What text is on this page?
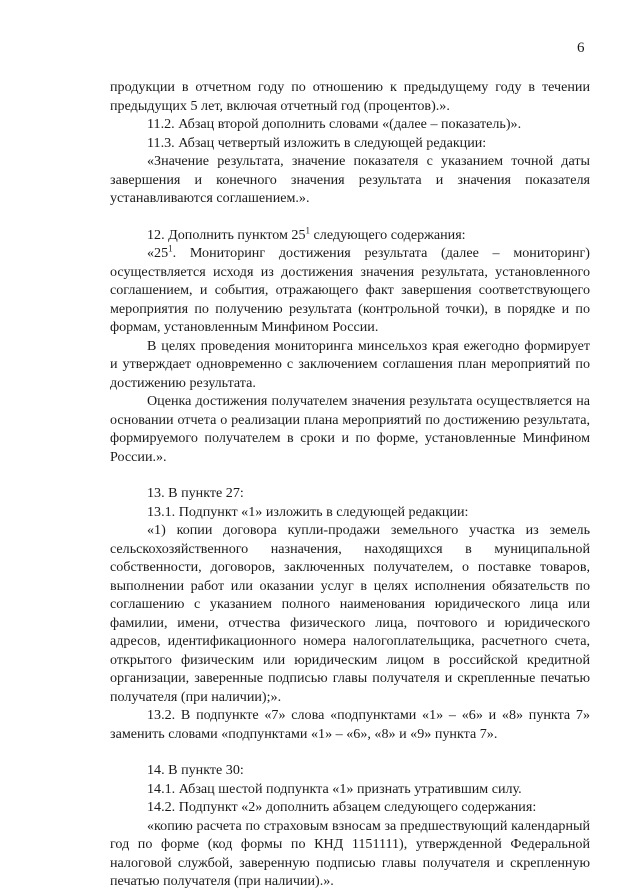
6

продукции в отчетном году по отношению к предыдущему году в течении предыдущих 5 лет, включая отчетный год (процентов).».

11.2. Абзац второй дополнить словами «(далее – показатель)».

11.3. Абзац четвертый изложить в следующей редакции:

«Значение результата, значение показателя с указанием точной даты завершения и конечного значения результата и значения показателя устанавливаются соглашением.».

12. Дополнить пунктом $25^1$ следующего содержания:

«$25^1$. Мониторинг достижения результата (далее – мониторинг) осуществляется исходя из достижения значения результата, установленного соглашением, и события, отражающего факт завершения соответствующего мероприятия по получению результата (контрольной точки), в порядке и по формам, установленным Минфином России.

В целях проведения мониторинга минсельхоз края ежегодно формирует и утверждает одновременно с заключением соглашения план мероприятий по достижению результата.

Оценка достижения получателем значения результата осуществляется на основании отчета о реализации плана мероприятий по достижению результата, формируемого получателем в сроки и по форме, установленные Минфином России.».

13. В пункте 27:

13.1. Подпункт «1» изложить в следующей редакции:

«1) копии договора купли-продажи земельного участка из земель сельскохозяйственного назначения, находящихся в муниципальной собственности, договоров, заключенных получателем, о поставке товаров, выполнении работ или оказании услуг в целях исполнения обязательств по соглашению с указанием полного наименования юридического лица или фамилии, имени, отчества физического лица, почтового и юридического адресов, идентификационного номера налогоплательщика, расчетного счета, открытого физическим или юридическим лицом в российской кредитной организации, заверенные подписью главы получателя и скрепленные печатью получателя (при наличии);».

13.2. В подпункте «7» слова «подпунктами «1» – «6» и «8» пункта 7» заменить словами «подпунктами «1» – «6», «8» и «9» пункта 7».

14. В пункте 30:

14.1. Абзац шестой подпункта «1» признать утратившим силу.

14.2. Подпункт «2» дополнить абзацем следующего содержания:

«копию расчета по страховым взносам за предшествующий календарный год по форме (код формы по КНД 1151111), утвержденной Федеральной налоговой службой, заверенную подписью главы получателя и скрепленную печатью получателя (при наличии).».
